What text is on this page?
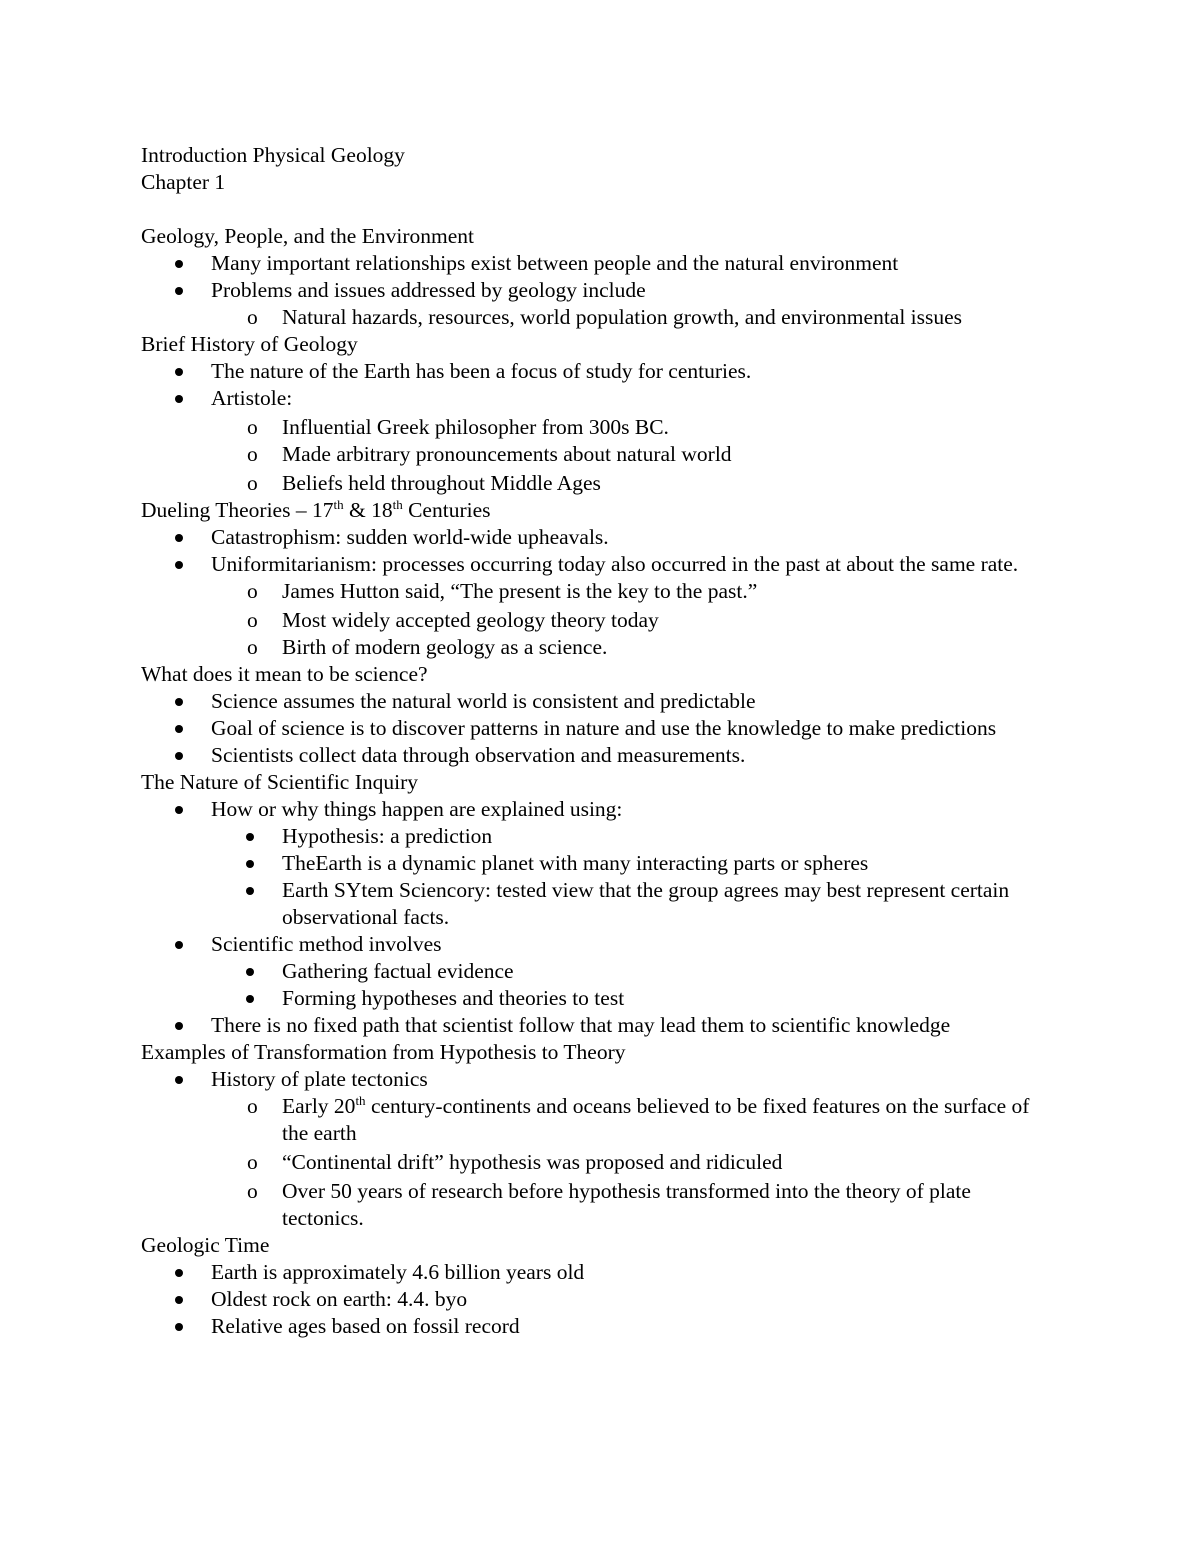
Introduction Physical Geology

Chapter 1

Geology, People, and the Environment

Many important relationships exist between people and the natural environment
Problems and issues addressed by geology include
o Natural hazards, resources, world population growth, and environmental issues

Brief History of Geology

The nature of the Earth has been a focus of study for centuries.
Artistole:
o Influential Greek philosopher from 300s BC.
o Made arbitrary pronouncements about natural world
o Beliefs held throughout Middle Ages

Dueling Theories – 17th & 18th Centuries

Catastrophism: sudden world-wide upheavals.
Uniformitarianism: processes occurring today also occurred in the past at about the same rate.
o James Hutton said, “The present is the key to the past.”
o Most widely accepted geology theory today
o Birth of modern geology as a science.

What does it mean to be science?

Science assumes the natural world is consistent and predictable
Goal of science is to discover patterns in nature and use the knowledge to make predictions
Scientists collect data through observation and measurements.

The Nature of Scientific Inquiry

How or why things happen are explained using:
Hypothesis: a prediction
TheEarth is a dynamic planet with many interacting parts or spheres
Earth SYtem Sciencory: tested view that the group agrees may best represent certain observational facts.
Scientific method involves
Gathering factual evidence
Forming hypotheses and theories to test
There is no fixed path that scientist follow that may lead them to scientific knowledge

Examples of Transformation from Hypothesis to Theory

History of plate tectonics
o Early 20th century-continents and oceans believed to be fixed features on the surface of the earth
o “Continental drift” hypothesis was proposed and ridiculed
o Over 50 years of research before hypothesis transformed into the theory of plate tectonics.

Geologic Time

Earth is approximately 4.6 billion years old
Oldest rock on earth: 4.4. byo
Relative ages based on fossil record
